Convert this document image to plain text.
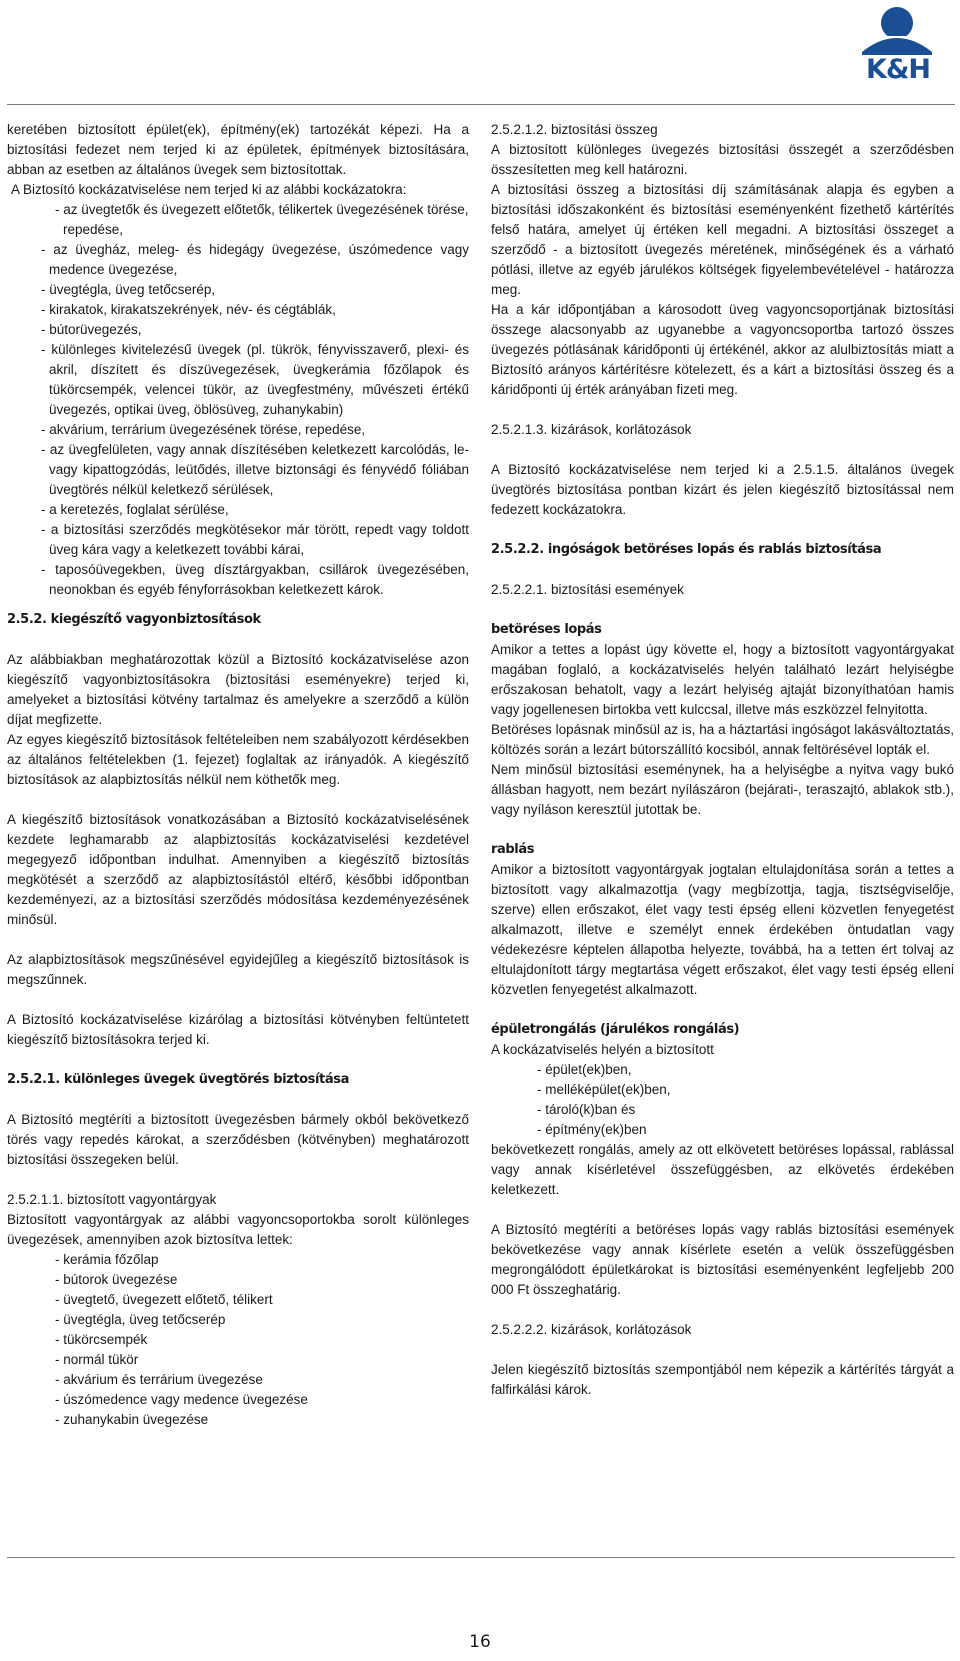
K&H

keretében biztosított épület(ek), építmény(ek) tartozékát képezi. Ha a biztosítási fedezet nem terjed ki az épületek, építmények biztosítására, abban az esetben az általános üvegek sem biztosítottak.

A Biztosító kockázatviselése nem terjed ki az alábbi kockázatokra:

- az üvegtetők és üvegezett előtetők, télikertek üvegezésének törése, repedése,

- az üvegház, meleg- és hidegágy üvegezése, úszómedence vagy medence üvegezése,

- üvegtégla, üveg tetőcserép,

- kirakatok, kirakatszekrények, név- és cégtáblák,

- bútorüvegezés,

- különleges kivitelezésű üvegek (pl. tükrök, fényvisszaverő, plexi- és akril, díszített és díszüvegezések, üvegkerámia főzőlapok és tükörcsempék, velencei tükör, az üvegfestmény, művészeti értékű üvegezés, optikai üveg, öblösüveg, zuhanykabin)

- akvárium, terrárium üvegezésének törése, repedése,

- az üvegfelületen, vagy annak díszítésében keletkezett karcolódás, le- vagy kipattogzódás, leütődés, illetve biztonsági és fényvédő fóliában üvegtörés nélkül keletkező sérülések,

- a keretezés, foglalat sérülése,

- a biztosítási szerződés megkötésekor már törött, repedt vagy toldott üveg kára vagy a keletkezett további kárai,

- taposóüvegekben, üveg dísztárgyakban, csillárok üvegezésében, neonokban és egyéb fényforrásokban keletkezett károk.

2.5.2. kiegészítő vagyonbiztosítások

Az alábbiakban meghatározottak közül a Biztosító kockázatviselése azon kiegészítő vagyonbiztosításokra (biztosítási eseményekre) terjed ki, amelyeket a biztosítási kötvény tartalmaz és amelyekre a szerződő a külön díjat megfizette.

Az egyes kiegészítő biztosítások feltételeiben nem szabályozott kérdésekben az általános feltételekben (1. fejezet) foglaltak az irányadók. A kiegészítő biztosítások az alapbiztosítás nélkül nem köthetők meg.

A kiegészítő biztosítások vonatkozásában a Biztosító kockázatviselésének kezdete leghamarabb az alapbiztosítás kockázatviselési kezdetével megegyező időpontban indulhat. Amennyiben a kiegészítő biztosítás megkötését a szerződő az alapbiztosítástól eltérő, későbbi időpontban kezdeményezi, az a biztosítási szerződés módosítása kezdeményezésének minősül.

Az alapbiztosítások megszűnésével egyidejűleg a kiegészítő biztosítások is megszűnnek.

A Biztosító kockázatviselése kizárólag a biztosítási kötvényben feltüntetett kiegészítő biztosításokra terjed ki.

2.5.2.1. különleges üvegek üvegtörés biztosítása

A Biztosító megtéríti a biztosított üvegezésben bármely okból bekövetkező törés vagy repedés károkat, a szerződésben (kötvényben) meghatározott biztosítási összegeken belül.

2.5.2.1.1. biztosított vagyontárgyak

Biztosított vagyontárgyak az alábbi vagyoncsoportokba sorolt különleges üvegezések, amennyiben azok biztosítva lettek:

- kerámia főzőlap

- bútorok üvegezése

- üvegtető, üvegezett előtető, télikert

- üvegtégla, üveg tetőcserép

- tükörcsempék

- normál tükör

- akvárium és terrárium üvegezése

- úszómedence vagy medence üvegezése

- zuhanykabin üvegezése

2.5.2.1.2. biztosítási összeg

A biztosított különleges üvegezés biztosítási összegét a szerződésben összesítetten meg kell határozni.

A biztosítási összeg a biztosítási díj számításának alapja és egyben a biztosítási időszakonként és biztosítási eseményenként fizethető kártérítés felső határa, amelyet új értéken kell megadni. A biztosítási összeget a szerződő - a biztosított üvegezés méretének, minőségének és a várható pótlási, illetve az egyéb járulékos költségek figyelembevételével - határozza meg.

Ha a kár időpontjában a károsodott üveg vagyoncsoportjának biztosítási összege alacsonyabb az ugyanebbe a vagyoncsoportba tartozó összes üvegezés pótlásának káridőponti új értékénél, akkor az alulbiztosítás miatt a Biztosító arányos kártérítésre kötelezett, és a kárt a biztosítási összeg és a káridőponti új érték arányában fizeti meg.

2.5.2.1.3. kizárások, korlátozások

A Biztosító kockázatviselése nem terjed ki a 2.5.1.5. általános üvegek üvegtörés biztosítása pontban kizárt és jelen kiegészítő biztosítással nem fedezett kockázatokra.

2.5.2.2. ingóságok betöréses lopás és rablás biztosítása

2.5.2.2.1. biztosítási események

betöréses lopás

Amikor a tettes a lopást úgy követte el, hogy a biztosított vagyontárgyakat magában foglaló, a kockázatviselés helyén található lezárt helyiségbe erőszakosan behatolt, vagy a lezárt helyiség ajtaját bizonyíthatóan hamis vagy jogellenesen birtokba vett kulccsal, illetve más eszközzel felnyitotta.

Betöréses lopásnak minősül az is, ha a háztartási ingóságot lakásváltoztatás, költözés során a lezárt bútorszállító kocsiból, annak feltörésével lopták el.

Nem minősül biztosítási eseménynek, ha a helyiségbe a nyitva vagy bukó állásban hagyott, nem bezárt nyílászáron (bejárati-, teraszajtó, ablakok stb.), vagy nyíláson keresztül jutottak be.

rablás

Amikor a biztosított vagyontárgyak jogtalan eltulajdonítása során a tettes a biztosított vagy alkalmazottja (vagy megbízottja, tagja, tisztségviselője, szerve) ellen erőszakot, élet vagy testi épség elleni közvetlen fenyegetést alkalmazott, illetve e személyt ennek érdekében öntudatlan vagy védekezésre képtelen állapotba helyezte, továbbá, ha a tetten ért tolvaj az eltulajdonított tárgy megtartása végett erőszakot, élet vagy testi épség elleni közvetlen fenyegetést alkalmazott.

épületrongálás (járulékos rongálás)

A kockázatviselés helyén a biztosított

- épület(ek)ben,

- melléképület(ek)ben,

- tároló(k)ban és

- építmény(ek)ben

bekövetkezett rongálás, amely az ott elkövetett betöréses lopással, rablással vagy annak kísérletével összefüggésben, az elkövetés érdekében keletkezett.

A Biztosító megtéríti a betöréses lopás vagy rablás biztosítási események bekövetkezése vagy annak kísérlete esetén a velük összefüggésben megrongálódott épületkárokat is biztosítási eseményenként legfeljebb 200 000 Ft összeghatárig.

2.5.2.2.2. kizárások, korlátozások

Jelen kiegészítő biztosítás szempontjából nem képezik a kártérítés tárgyát a falfirkálási károk.

16
